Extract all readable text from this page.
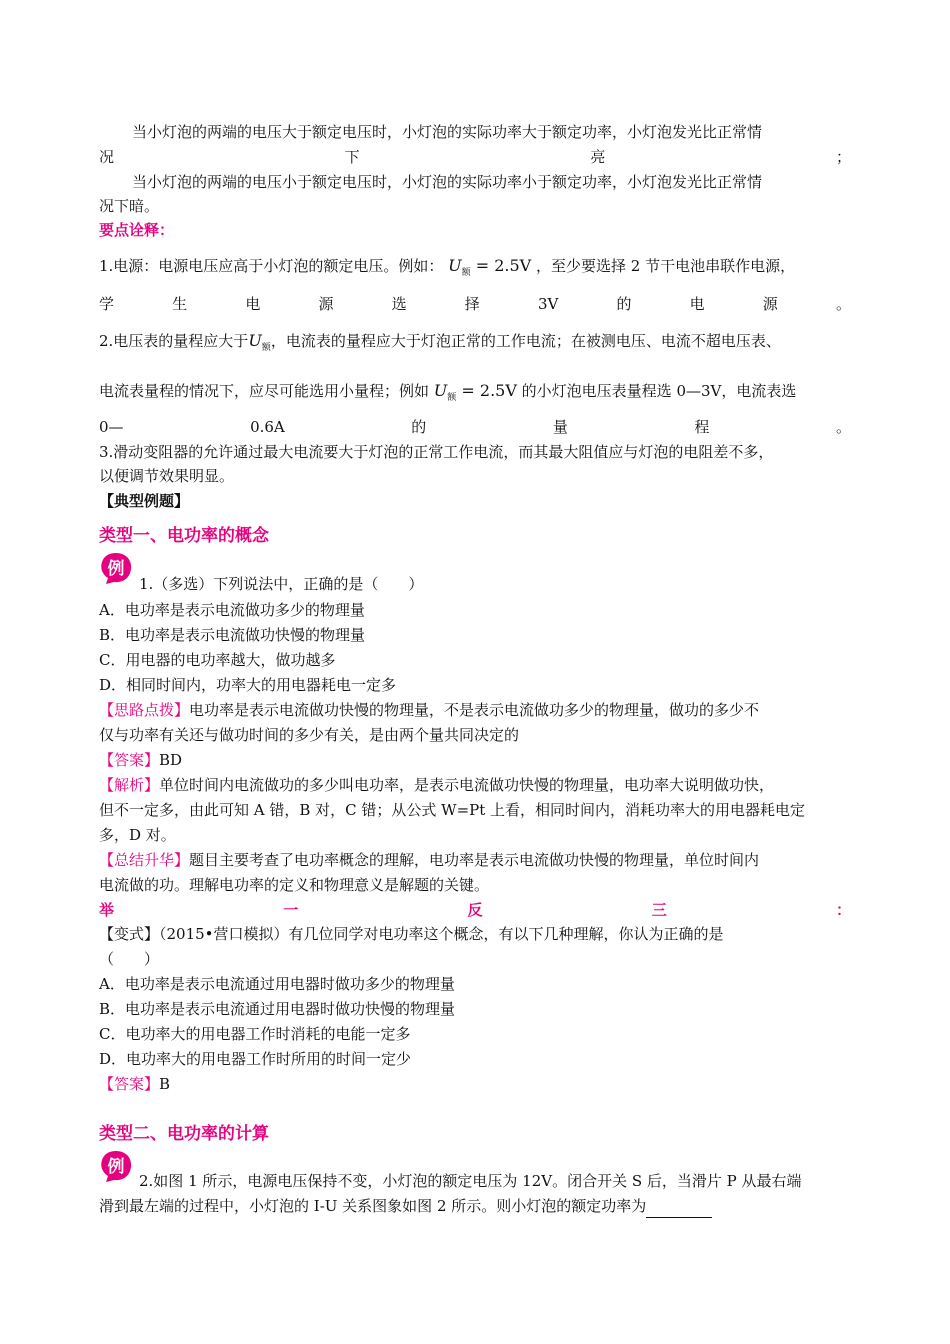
当小灯泡的两端的电压大于额定电压时，小灯泡的实际功率大于额定功率，小灯泡发光比正常情
况	下	亮	；
当小灯泡的两端的电压小于额定电压时，小灯泡的实际功率小于额定功率，小灯泡发光比正常情
况下暗。
要点诠释：
1.电源：电源电压应高于小灯泡的额定电压。例如： $U_额 = 2.5V$ ，至少要选择 2 节干电池串联作电源，
学	生	电	源	选	择	3V	的	电	源	。
2.电压表的量程应大于$U_额$，电流表的量程应大于灯泡正常的工作电流；在被测电压、电流不超电压表、
电流表量程的情况下，应尽可能选用小量程；例如 $U_额 = 2.5V$ 的小灯泡电压表量程选 0—3V，电流表选
0—	0.6A	的	量	程	。
3.滑动变阻器的允许通过最大电流要大于灯泡的正常工作电流，而其最大阻值应与灯泡的电阻差不多，
以便调节效果明显。
【典型例题】
类型一、电功率的概念
例
1.（多选）下列说法中，正确的是（　　）
A．电功率是表示电流做功多少的物理量
B．电功率是表示电流做功快慢的物理量
C．用电器的电功率越大，做功越多
D．相同时间内，功率大的用电器耗电一定多
【思路点拨】电功率是表示电流做功快慢的物理量，不是表示电流做功多少的物理量，做功的多少不
仅与功率有关还与做功时间的多少有关，是由两个量共同决定的
【答案】BD
【解析】单位时间内电流做功的多少叫电功率，是表示电流做功快慢的物理量，电功率大说明做功快，
但不一定多，由此可知 A 错，B 对，C 错；从公式 W=Pt 上看，相同时间内，消耗功率大的用电器耗电定
多，D 对。
【总结升华】题目主要考查了电功率概念的理解，电功率是表示电流做功快慢的物理量，单位时间内
电流做的功。理解电功率的定义和物理意义是解题的关键。
举	一	反	三	：
【变式】（2015•营口模拟）有几位同学对电功率这个概念，有以下几种理解，你认为正确的是
（　　）
A．电功率是表示电流通过用电器时做功多少的物理量
B．电功率是表示电流通过用电器时做功快慢的物理量
C．电功率大的用电器工作时消耗的电能一定多
D．电功率大的用电器工作时所用的时间一定少
【答案】B
类型二、电功率的计算
例
2.如图 1 所示，电源电压保持不变，小灯泡的额定电压为 12V。闭合开关 S 后，当滑片 P 从最右端
滑到最左端的过程中，小灯泡的 I-U 关系图象如图 2 所示。则小灯泡的额定功率为
